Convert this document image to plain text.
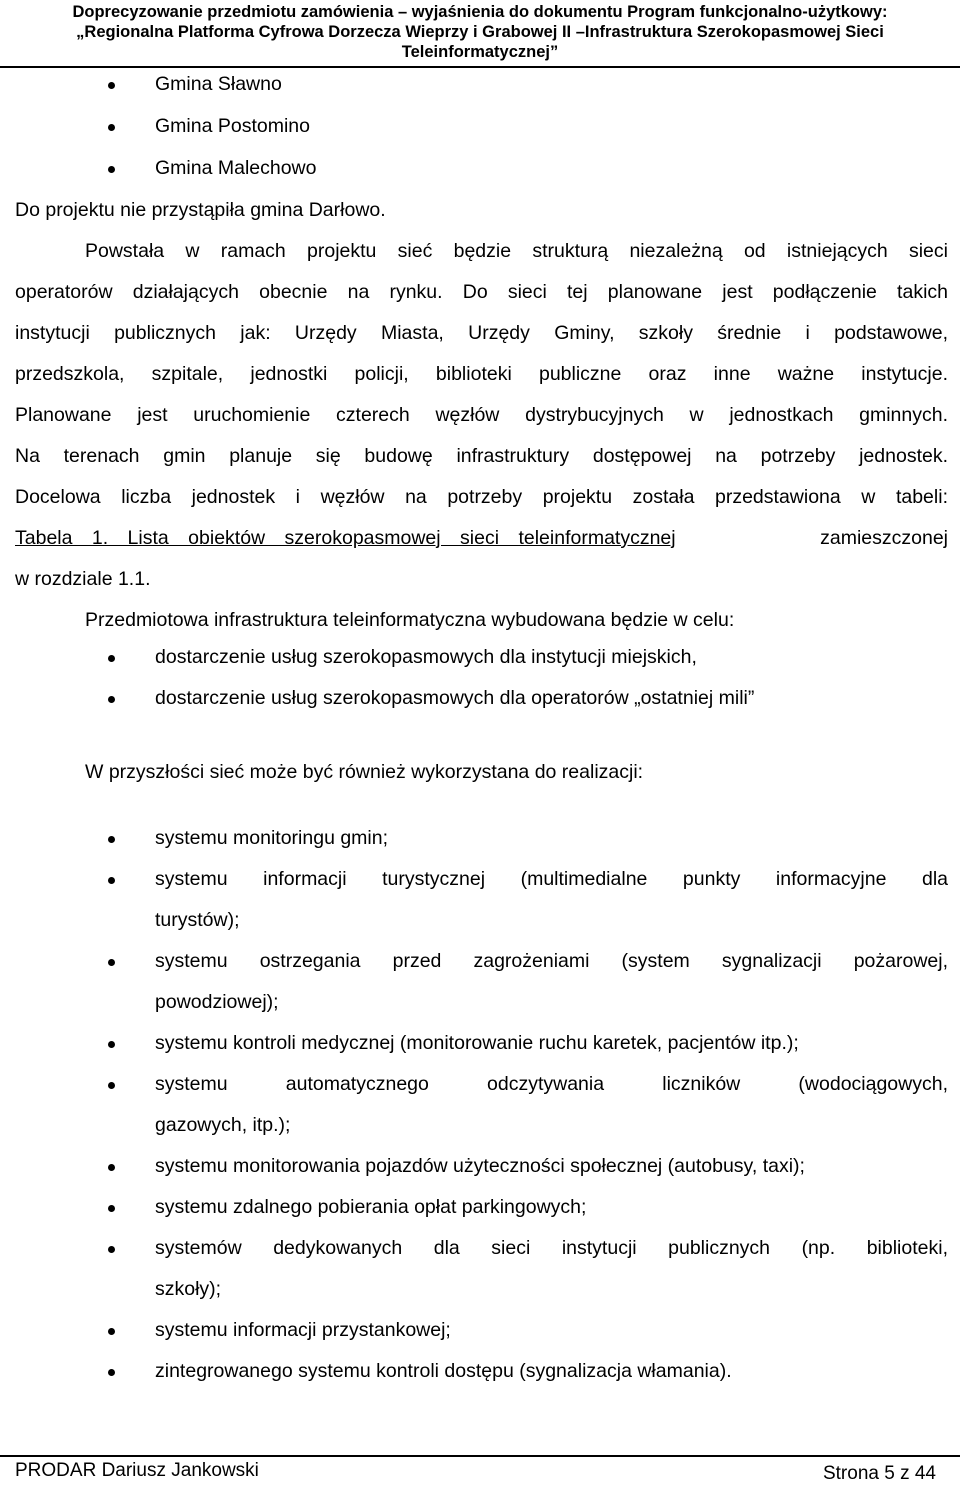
Doprecyzowanie przedmiotu zamówienia – wyjaśnienia do dokumentu Program funkcjonalno-użytkowy:
„Regionalna Platforma Cyfrowa Dorzecza Wieprzy i Grabowej II –Infrastruktura Szerokopasmowej Sieci
Teleinformatycznej”
Gmina Sławno
Gmina Postomino
Gmina Malechowo
Do projektu nie przystąpiła gmina Darłowo.
Powstała w ramach projektu sieć będzie strukturą niezależną od istniejących sieci
operatorów działających obecnie na rynku. Do sieci tej planowane jest podłączenie takich
instytucji publicznych jak: Urzędy Miasta, Urzędy Gminy, szkoły średnie i podstawowe,
przedszkola, szpitale, jednostki policji, biblioteki publiczne oraz inne ważne instytucje.
Planowane jest uruchomienie czterech węzłów dystrybucyjnych w jednostkach gminnych.
Na terenach gmin planuje się budowę infrastruktury dostępowej na potrzeby jednostek.
Docelowa liczba jednostek i węzłów na potrzeby projektu została przedstawiona w tabeli:
Tabela 1. Lista obiektów szerokopasmowej sieci teleinformatycznej	zamieszczonej
w rozdziale 1.1.
Przedmiotowa infrastruktura teleinformatyczna wybudowana będzie w celu:
W przyszłości sieć może być również wykorzystana do realizacji:
dostarczenie usług szerokopasmowych dla instytucji miejskich,
dostarczenie usług szerokopasmowych dla operatorów „ostatniej mili”
systemu monitoringu gmin;
systemu informacji turystycznej (multimedialne punkty informacyjne dla
turystów);
systemu ostrzegania przed zagrożeniami (system sygnalizacji pożarowej,
powodziowej);
systemu kontroli medycznej (monitorowanie ruchu karetek, pacjentów itp.);
systemu automatycznego odczytywania liczników (wodociągowych,
gazowych, itp.);
systemu monitorowania pojazdów użyteczności społecznej (autobusy, taxi);
systemu zdalnego pobierania opłat parkingowych;
systemów dedykowanych dla sieci instytucji publicznych (np. biblioteki,
szkoły);
systemu informacji przystankowej;
zintegrowanego systemu kontroli dostępu (sygnalizacja włamania).
PRODAR Dariusz Jankowski	Strona 5 z 44
